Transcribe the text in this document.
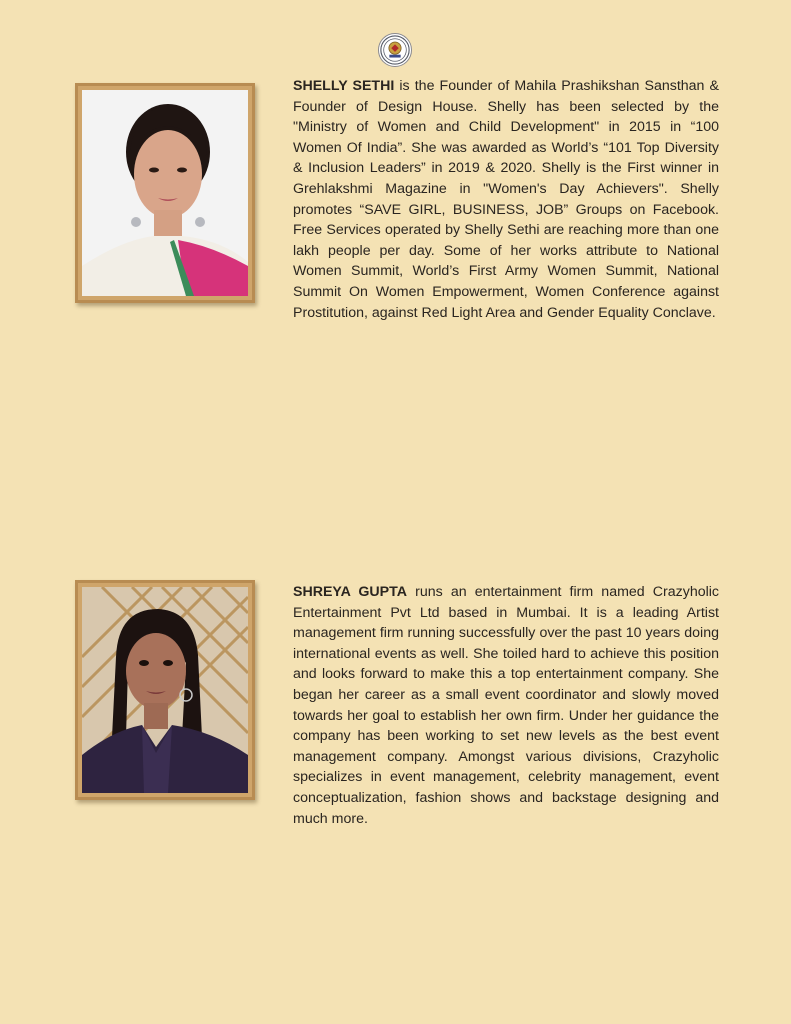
SHELLY SETHI is the Founder of Mahila Prashikshan Sansthan & Founder of Design House. Shelly has been selected by the "Ministry of Women and Child Development" in 2015 in “100 Women Of India”. She was awarded as World’s “101 Top Diversity & Inclusion Leaders” in 2019 & 2020. Shelly is the First winner in Grehlakshmi Magazine in "Women's Day Achievers". Shelly promotes “SAVE GIRL, BUSINESS, JOB” Groups on Facebook. Free Services operated by Shelly Sethi are reaching more than one lakh people per day. Some of her works attribute to National Women Summit, World’s First Army Women Summit, National Summit On Women Empowerment, Women Conference against Prostitution, against Red Light Area and Gender Equality Conclave.

SHREYA GUPTA runs an entertainment firm named Crazyholic Entertainment Pvt Ltd based in Mumbai. It is a leading Artist management firm running successfully over the past 10 years doing international events as well. She toiled hard to achieve this position and looks forward to make this a top entertainment company. She began her career as a small event coordinator and slowly moved towards her goal to establish her own firm. Under her guidance the company has been working to set new levels as the best event management company. Amongst various divisions, Crazyholic specializes in event management, celebrity management, event conceptualization, fashion shows and backstage designing and much more.
